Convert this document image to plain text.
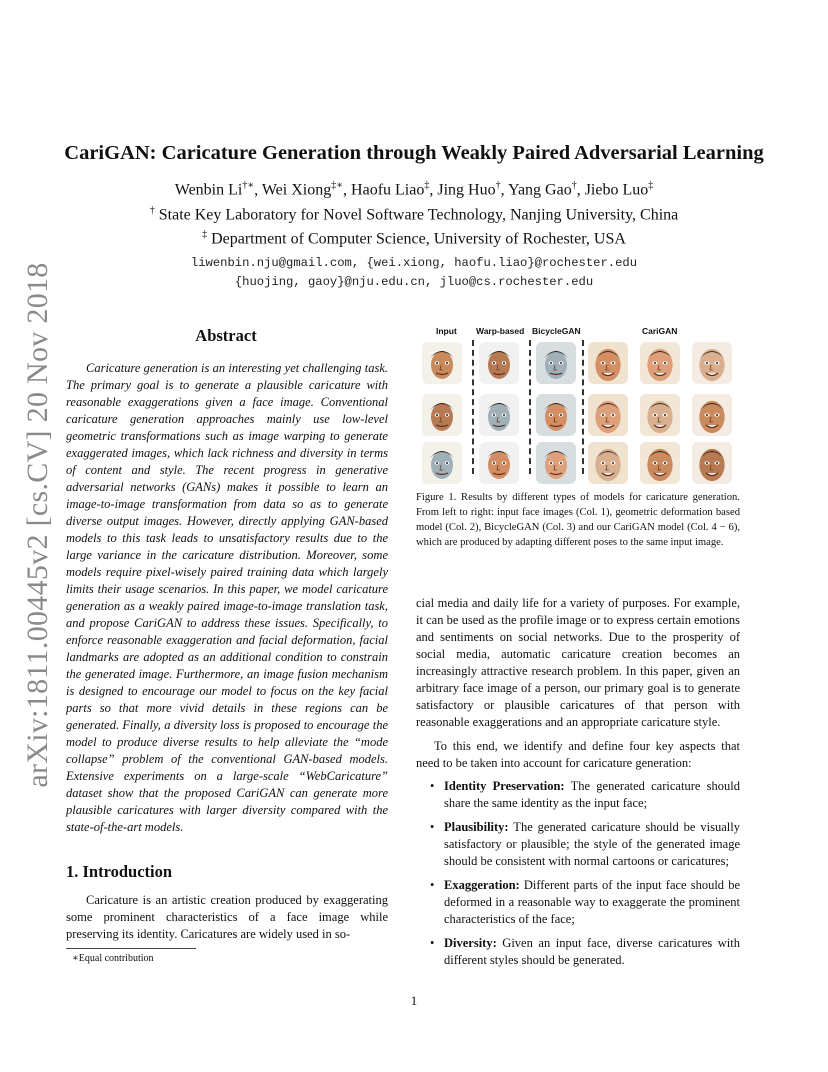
arXiv:1811.00445v2 [cs.CV] 20 Nov 2018
CariGAN: Caricature Generation through Weakly Paired Adversarial Learning
Wenbin Li†∗, Wei Xiong‡∗, Haofu Liao‡, Jing Huo†, Yang Gao†, Jiebo Luo‡
† State Key Laboratory for Novel Software Technology, Nanjing University, China
‡ Department of Computer Science, University of Rochester, USA
liwenbin.nju@gmail.com, {wei.xiong, haofu.liao}@rochester.edu
{huojing, gaoy}@nju.edu.cn, jluo@cs.rochester.edu
Abstract
Caricature generation is an interesting yet challenging task. The primary goal is to generate a plausible caricature with reasonable exaggerations given a face image. Conventional caricature generation approaches mainly use low-level geometric transformations such as image warping to generate exaggerated images, which lack richness and diversity in terms of content and style. The recent progress in generative adversarial networks (GANs) makes it possible to learn an image-to-image transformation from data so as to generate diverse output images. However, directly applying GAN-based models to this task leads to unsatisfactory results due to the large variance in the caricature distribution. Moreover, some models require pixel-wisely paired training data which largely limits their usage scenarios. In this paper, we model caricature generation as a weakly paired image-to-image translation task, and propose CariGAN to address these issues. Specifically, to enforce reasonable exaggeration and facial deformation, facial landmarks are adopted as an additional condition to constrain the generated image. Furthermore, an image fusion mechanism is designed to encourage our model to focus on the key facial parts so that more vivid details in these regions can be generated. Finally, a diversity loss is proposed to encourage the model to produce diverse results to help alleviate the “mode collapse” problem of the conventional GAN-based models. Extensive experiments on a large-scale “WebCaricature” dataset show that the proposed CariGAN can generate more plausible caricatures with larger diversity compared with the state-of-the-art models.
1. Introduction
Caricature is an artistic creation produced by exaggerating some prominent characteristics of a face image while preserving its identity. Caricatures are widely used in so-
∗Equal contribution
Input Warp-based BicycleGAN	CariGAN
Figure 1. Results by different types of models for caricature generation. From left to right: input face images (Col. 1), geometric deformation based model (Col. 2), BicycleGAN (Col. 3) and our CariGAN model (Col. 4 − 6), which are produced by adapting different poses to the same input image.
cial media and daily life for a variety of purposes. For example, it can be used as the profile image or to express certain emotions and sentiments on social networks. Due to the prosperity of social media, automatic caricature creation becomes an increasingly attractive research problem. In this paper, given an arbitrary face image of a person, our primary goal is to generate satisfactory or plausible caricatures of that person with reasonable exaggerations and an appropriate caricature style.
To this end, we identify and define four key aspects that need to be taken into account for caricature generation:
• Identity Preservation: The generated caricature should share the same identity as the input face;
• Plausibility: The generated caricature should be visually satisfactory or plausible; the style of the generated image should be consistent with normal cartoons or caricatures;
• Exaggeration: Different parts of the input face should be deformed in a reasonable way to exaggerate the prominent characteristics of the face;
• Diversity: Given an input face, diverse caricatures with different styles should be generated.
1
